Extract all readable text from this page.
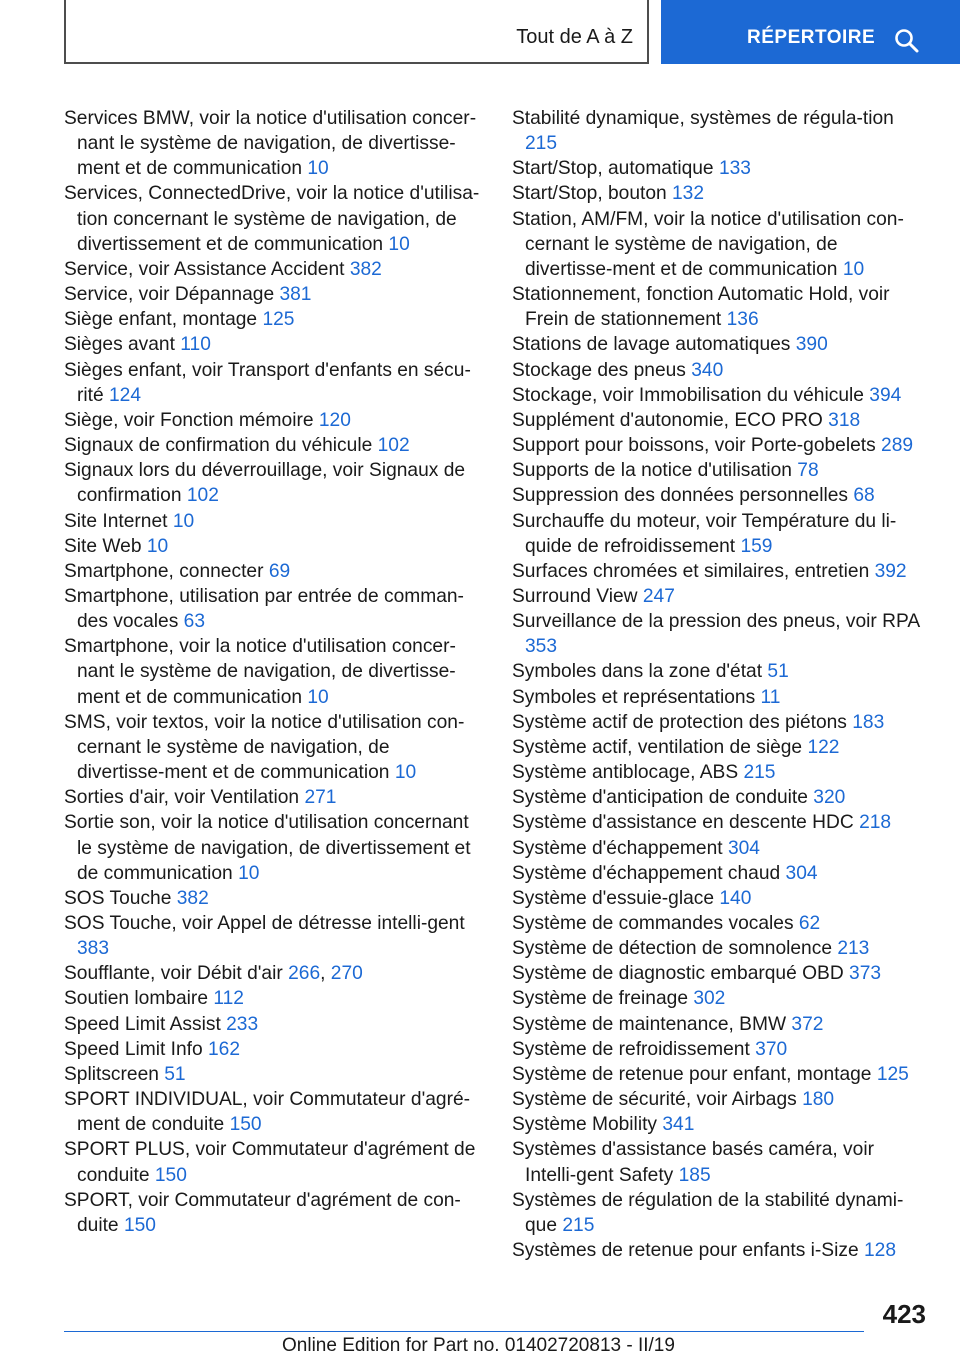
Tout de A à Z	RÉPERTOIRE
Services BMW, voir la notice d'utilisation concer‐nant le système de navigation, de divertisse‐ment et de communication 10
Services, ConnectedDrive, voir la notice d'utilisa‐tion concernant le système de navigation, de divertissement et de communication 10
Service, voir Assistance Accident 382
Service, voir Dépannage 381
Siège enfant, montage 125
Sièges avant 110
Sièges enfant, voir Transport d'enfants en sécu‐rité 124
Siège, voir Fonction mémoire 120
Signaux de confirmation du véhicule 102
Signaux lors du déverrouillage, voir Signaux de confirmation 102
Site Internet 10
Site Web 10
Smartphone, connecter 69
Smartphone, utilisation par entrée de comman‐des vocales 63
Smartphone, voir la notice d'utilisation concer‐nant le système de navigation, de divertisse‐ment et de communication 10
SMS, voir textos, voir la notice d'utilisation con‐cernant le système de navigation, de divertisse‐ment et de communication 10
Sorties d'air, voir Ventilation 271
Sortie son, voir la notice d'utilisation concernant le système de navigation, de divertissement et de communication 10
SOS Touche 382
SOS Touche, voir Appel de détresse intelli‐gent 383
Soufflante, voir Débit d'air 266, 270
Soutien lombaire 112
Speed Limit Assist 233
Speed Limit Info 162
Splitscreen 51
SPORT INDIVIDUAL, voir Commutateur d'agré‐ment de conduite 150
SPORT PLUS, voir Commutateur d'agrément de conduite 150
SPORT, voir Commutateur d'agrément de con‐duite 150
Stabilité dynamique, systèmes de régula‐tion 215
Start/Stop, automatique 133
Start/Stop, bouton 132
Station, AM/FM, voir la notice d'utilisation con‐cernant le système de navigation, de divertisse‐ment et de communication 10
Stationnement, fonction Automatic Hold, voir Frein de stationnement 136
Stations de lavage automatiques 390
Stockage des pneus 340
Stockage, voir Immobilisation du véhicule 394
Supplément d'autonomie, ECO PRO 318
Support pour boissons, voir Porte-gobelets 289
Supports de la notice d'utilisation 78
Suppression des données personnelles 68
Surchauffe du moteur, voir Température du li‐quide de refroidissement 159
Surfaces chromées et similaires, entretien 392
Surround View 247
Surveillance de la pression des pneus, voir RPA 353
Symboles dans la zone d'état 51
Symboles et représentations 11
Système actif de protection des piétons 183
Système actif, ventilation de siège 122
Système antiblocage, ABS 215
Système d'anticipation de conduite 320
Système d'assistance en descente HDC 218
Système d'échappement 304
Système d'échappement chaud 304
Système d'essuie-glace 140
Système de commandes vocales 62
Système de détection de somnolence 213
Système de diagnostic embarqué OBD 373
Système de freinage 302
Système de maintenance, BMW 372
Système de refroidissement 370
Système de retenue pour enfant, montage 125
Système de sécurité, voir Airbags 180
Système Mobility 341
Systèmes d'assistance basés caméra, voir Intelli‐gent Safety 185
Systèmes de régulation de la stabilité dynami‐que 215
Systèmes de retenue pour enfants i-Size 128
423
Online Edition for Part no. 01402720813 - II/19
